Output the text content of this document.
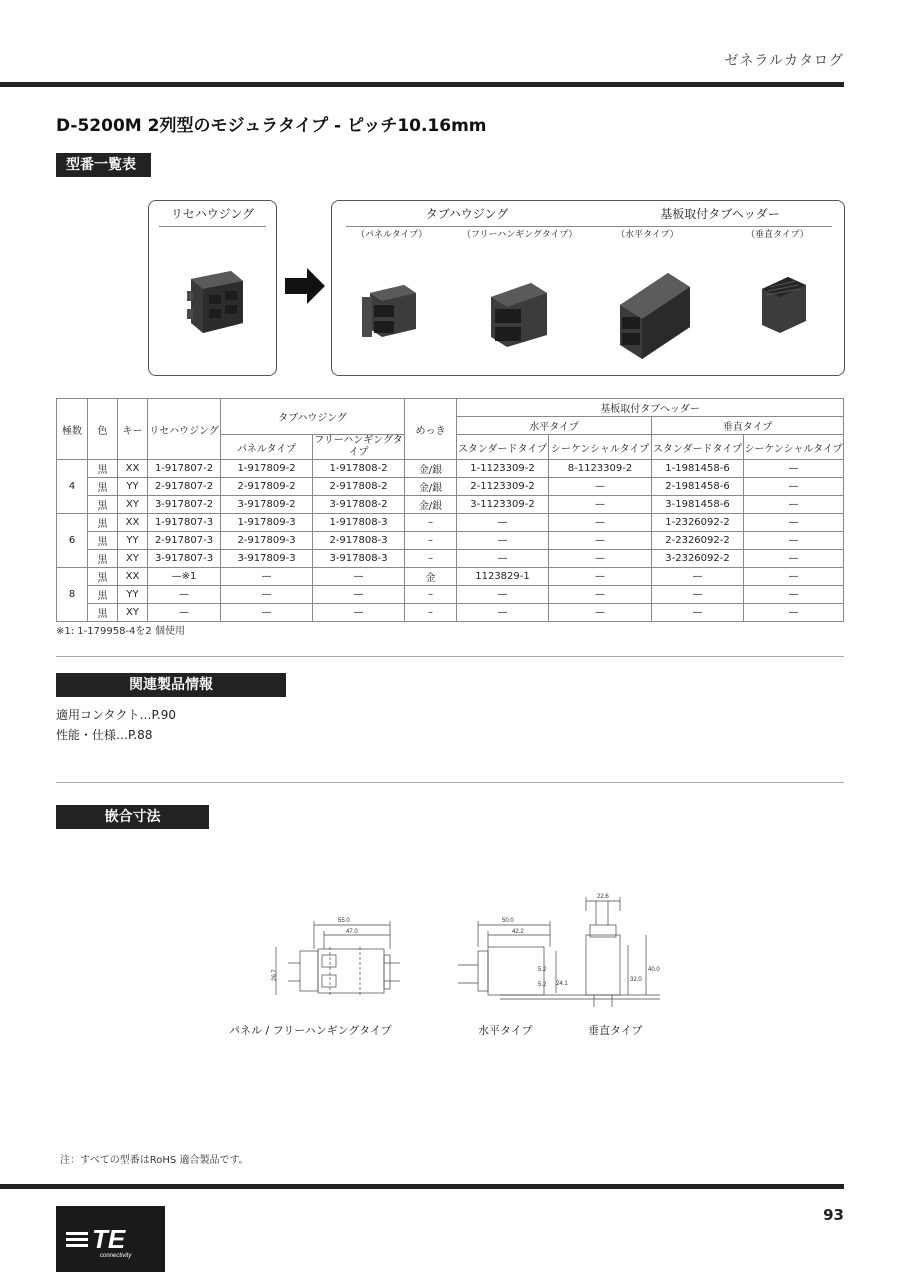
ゼネラルカタログ
D-5200M 2列型のモジュラタイプ - ピッチ10.16mm
型番一覧表
リセハウジング	タブハウジング	基板取付タブヘッダー
（パネルタイプ）	（フリーハンギングタイプ）	（水平タイプ）	（垂直タイプ）
極数	色	キー	リセハウジング	タブハウジング		めっき	基板取付タブヘッダー			
							水平タイプ		垂直タイプ	
				パネルタイプ	フリーハンギングタイプ		スタンダードタイプ	シーケンシャルタイプ	スタンダードタイプ	シーケンシャルタイプ
4	黒	XX	1-917807-2	1-917809-2	1-917808-2	金/銀	1-1123309-2	8-1123309-2	1-1981458-6	—
	黒	YY	2-917807-2	2-917809-2	2-917808-2	金/銀	2-1123309-2	—	2-1981458-6	—
	黒	XY	3-917807-2	3-917809-2	3-917808-2	金/銀	3-1123309-2	—	3-1981458-6	—
6	黒	XX	1-917807-3	1-917809-3	1-917808-3	–	—	—	1-2326092-2	—
	黒	YY	2-917807-3	2-917809-3	2-917808-3	–	—	—	2-2326092-2	—
	黒	XY	3-917807-3	3-917809-3	3-917808-3	–	—	—	3-2326092-2	—
8	黒	XX	—※1	—	—	金	1123829-1	—	—	—
	黒	YY	—	—	—	–	—	—	—	—
	黒	XY	—	—	—	–	—	—	—	—
※1: 1-179958-4を2 個使用
関連製品情報
適用コンタクト…P.90
性能・仕様…P.88
嵌合寸法
55.0
47.0
26.7
50.0
42.2
24.1
5.2
5.2
22.6
32.0
40.0
パネル / フリーハンギングタイプ	水平タイプ	垂直タイプ
注：すべての型番はRoHS 適合製品です。
93
TE
connectivity
